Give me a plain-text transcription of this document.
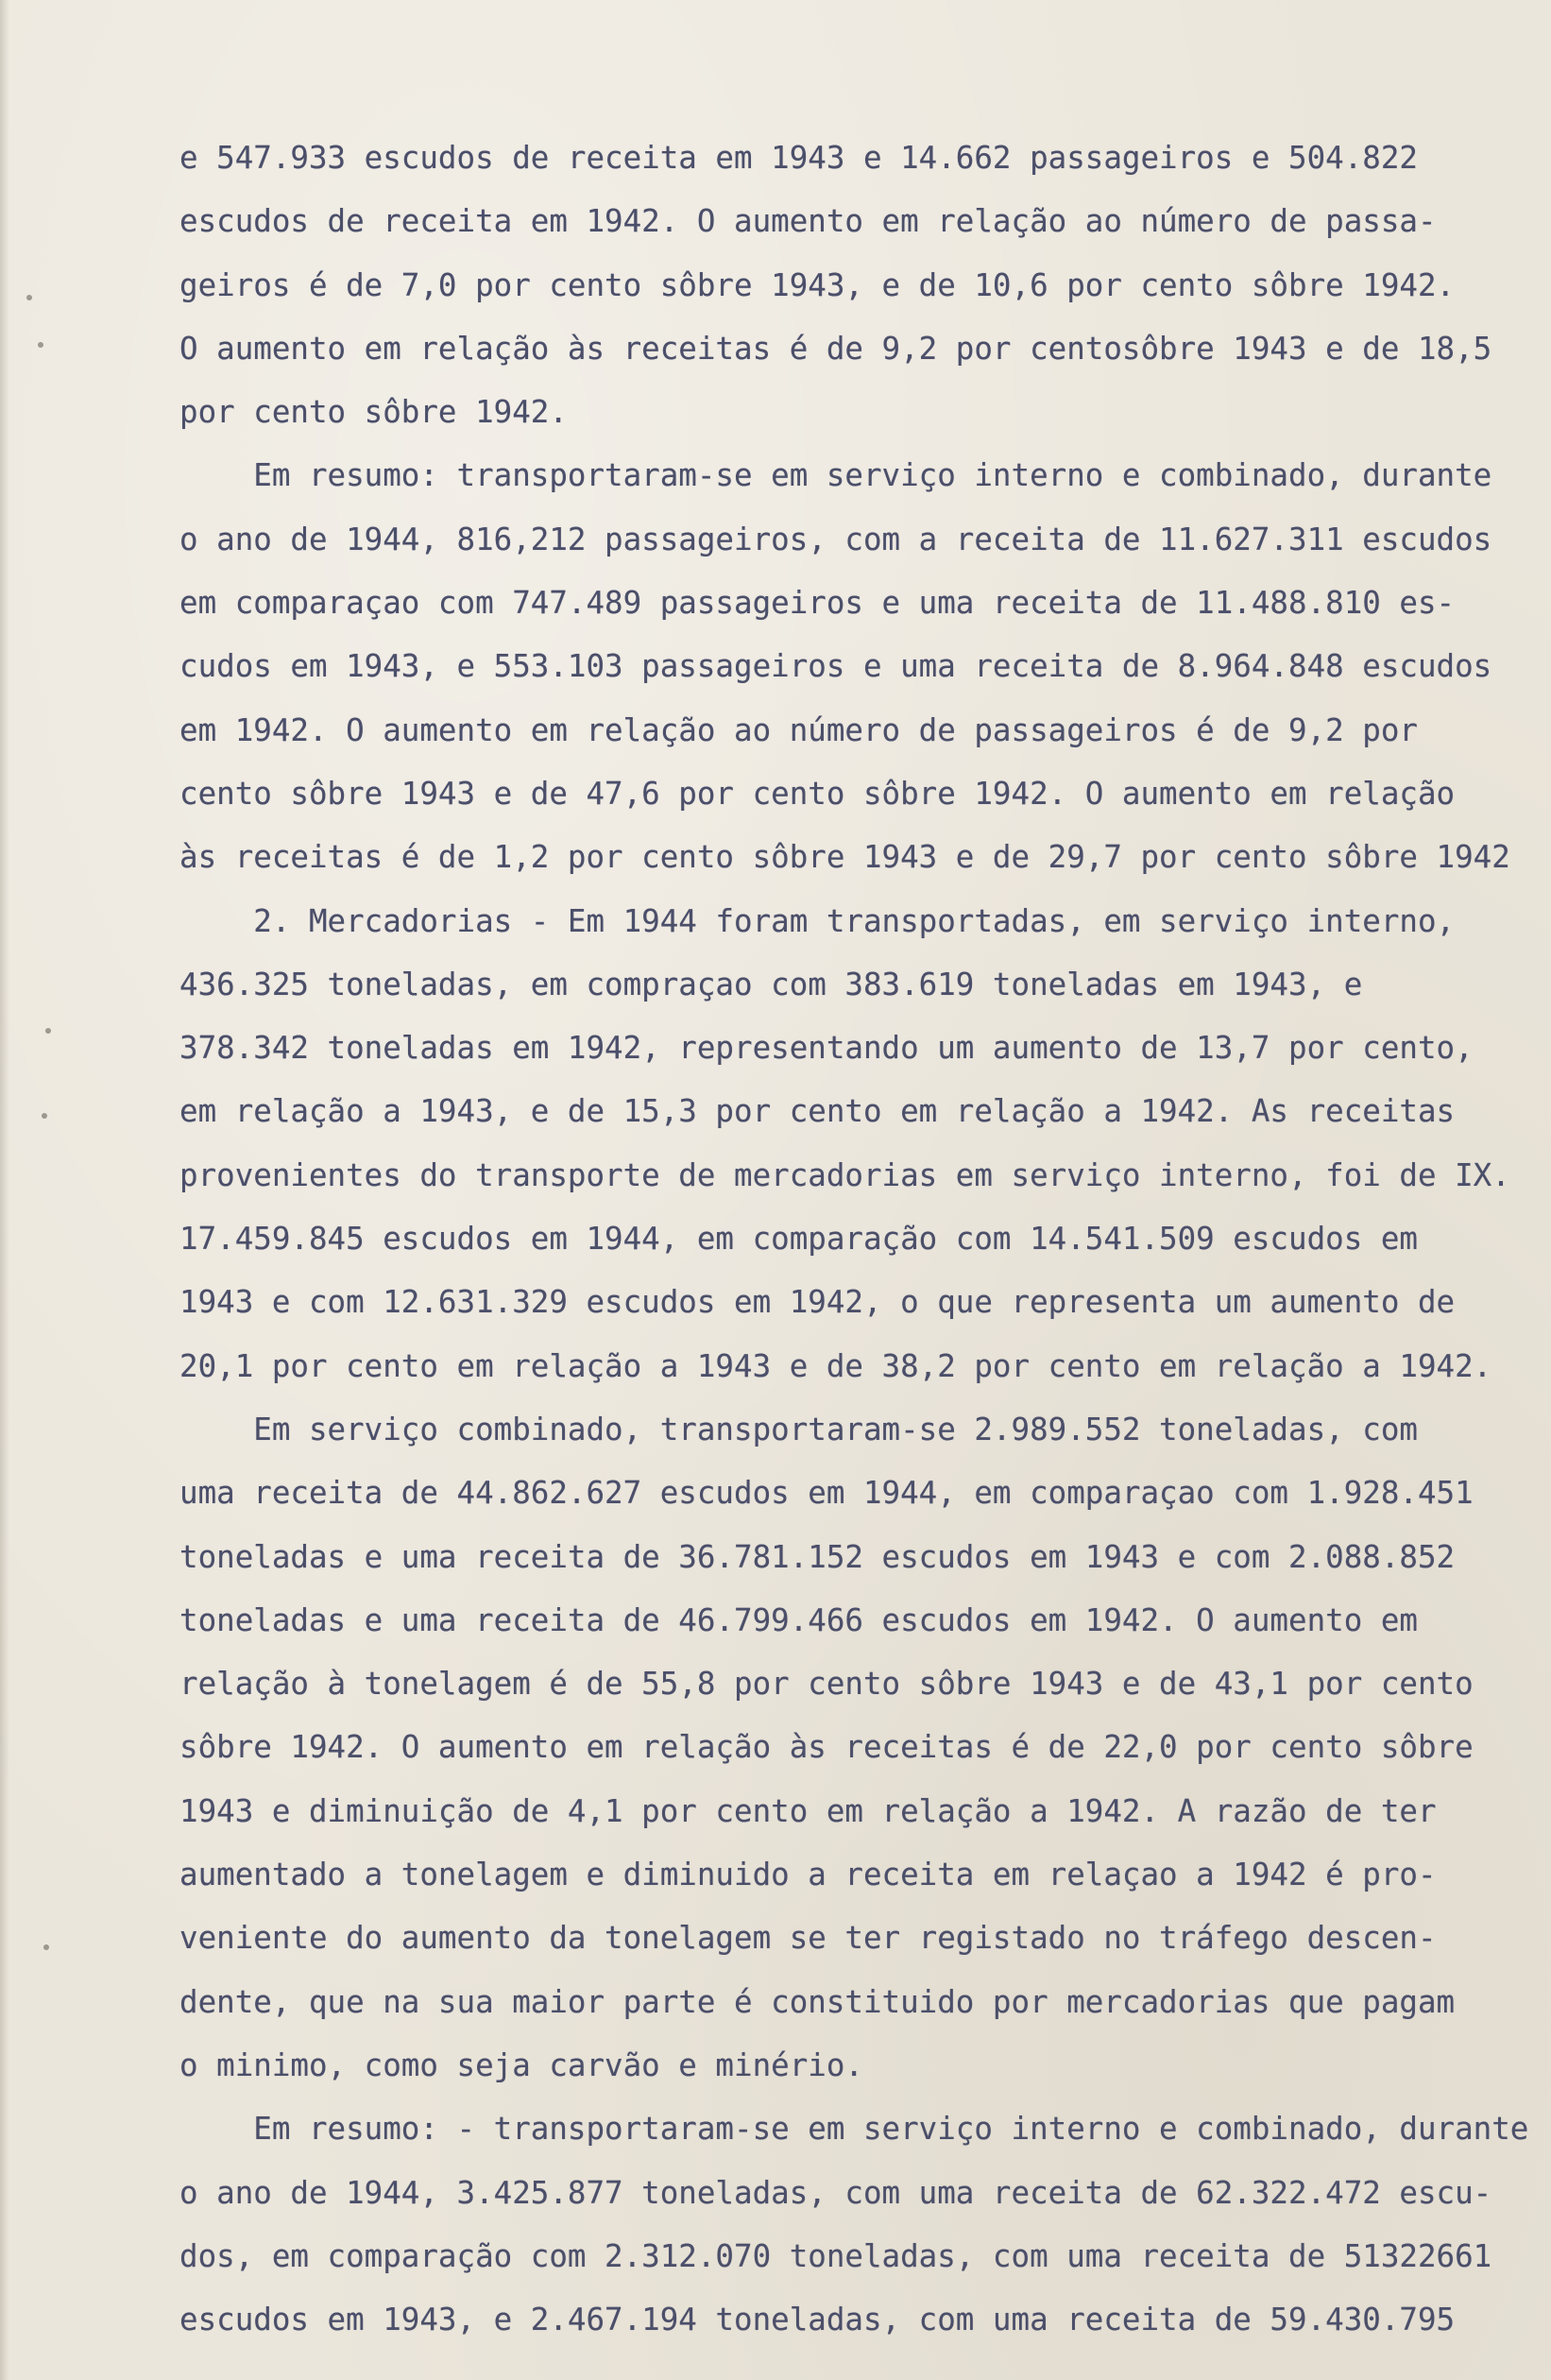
e 547.933 escudos de receita em 1943 e 14.662 passageiros e 504.822
escudos de receita em 1942. O aumento em relação ao número de passa-
geiros é de 7,0 por cento sôbre 1943, e de 10,6 por cento sôbre 1942.
O aumento em relação às receitas é de 9,2 por centosôbre 1943 e de 18,5
por cento sôbre 1942.
Em resumo: transportaram-se em serviço interno e combinado, durante
o ano de 1944, 816,212 passageiros, com a receita de 11.627.311 escudos
em comparaçao com 747.489 passageiros e uma receita de 11.488.810 es-
cudos em 1943, e 553.103 passageiros e uma receita de 8.964.848 escudos
em 1942. O aumento em relação ao número de passageiros é de 9,2 por
cento sôbre 1943 e de 47,6 por cento sôbre 1942. O aumento em relação
às receitas é de 1,2 por cento sôbre 1943 e de 29,7 por cento sôbre 1942
2. Mercadorias - Em 1944 foram transportadas, em serviço interno,
436.325 toneladas, em compraçao com 383.619 toneladas em 1943, e
378.342 toneladas em 1942, representando um aumento de 13,7 por cento,
em relação a 1943, e de 15,3 por cento em relação a 1942. As receitas
provenientes do transporte de mercadorias em serviço interno, foi de IX.
17.459.845 escudos em 1944, em comparação com 14.541.509 escudos em
1943 e com 12.631.329 escudos em 1942, o que representa um aumento de
20,1 por cento em relação a 1943 e de 38,2 por cento em relação a 1942.
Em serviço combinado, transportaram-se 2.989.552 toneladas, com
uma receita de 44.862.627 escudos em 1944, em comparaçao com 1.928.451
toneladas e uma receita de 36.781.152 escudos em 1943 e com 2.088.852
toneladas e uma receita de 46.799.466 escudos em 1942. O aumento em
relação à tonelagem é de 55,8 por cento sôbre 1943 e de 43,1 por cento
sôbre 1942. O aumento em relação às receitas é de 22,0 por cento sôbre
1943 e diminuição de 4,1 por cento em relação a 1942. A razão de ter
aumentado a tonelagem e diminuido a receita em relaçao a 1942 é pro-
veniente do aumento da tonelagem se ter registado no tráfego descen-
dente, que na sua maior parte é constituido por mercadorias que pagam
o minimo, como seja carvão e minério.
Em resumo: - transportaram-se em serviço interno e combinado, durante
o ano de 1944, 3.425.877 toneladas, com uma receita de 62.322.472 escu-
dos, em comparação com 2.312.070 toneladas, com uma receita de 51322661
escudos em 1943, e 2.467.194 toneladas, com uma receita de 59.430.795
